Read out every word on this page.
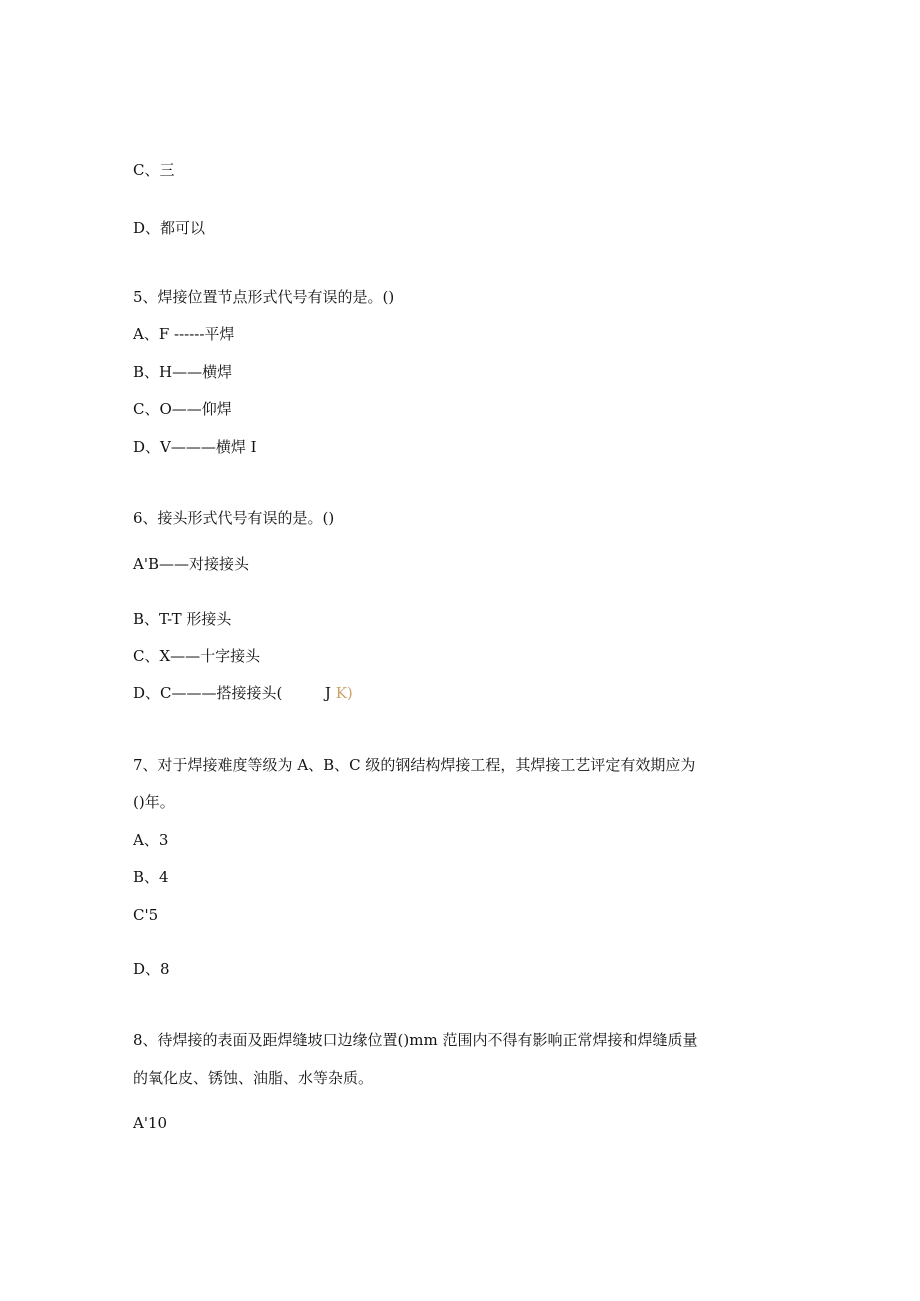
C、三
D、都可以
5、焊接位置节点形式代号有误的是。()
A、F ------平焊
B、H——横焊
C、O——仰焊
D、V———横焊 I
6、接头形式代号有误的是。()
A'B——对接接头
B、T-T 形接头
C、X——十字接头
D、C———搭接接头(	J K)
7、对于焊接难度等级为 A、B、C 级的钢结构焊接工程，其焊接工艺评定有效期应为
()年。
A、3
B、4
C'5
D、8
8、待焊接的表面及距焊缝坡口边缘位置()mm 范围内不得有影响正常焊接和焊缝质量
的氧化皮、锈蚀、油脂、水等杂质。
A'10
